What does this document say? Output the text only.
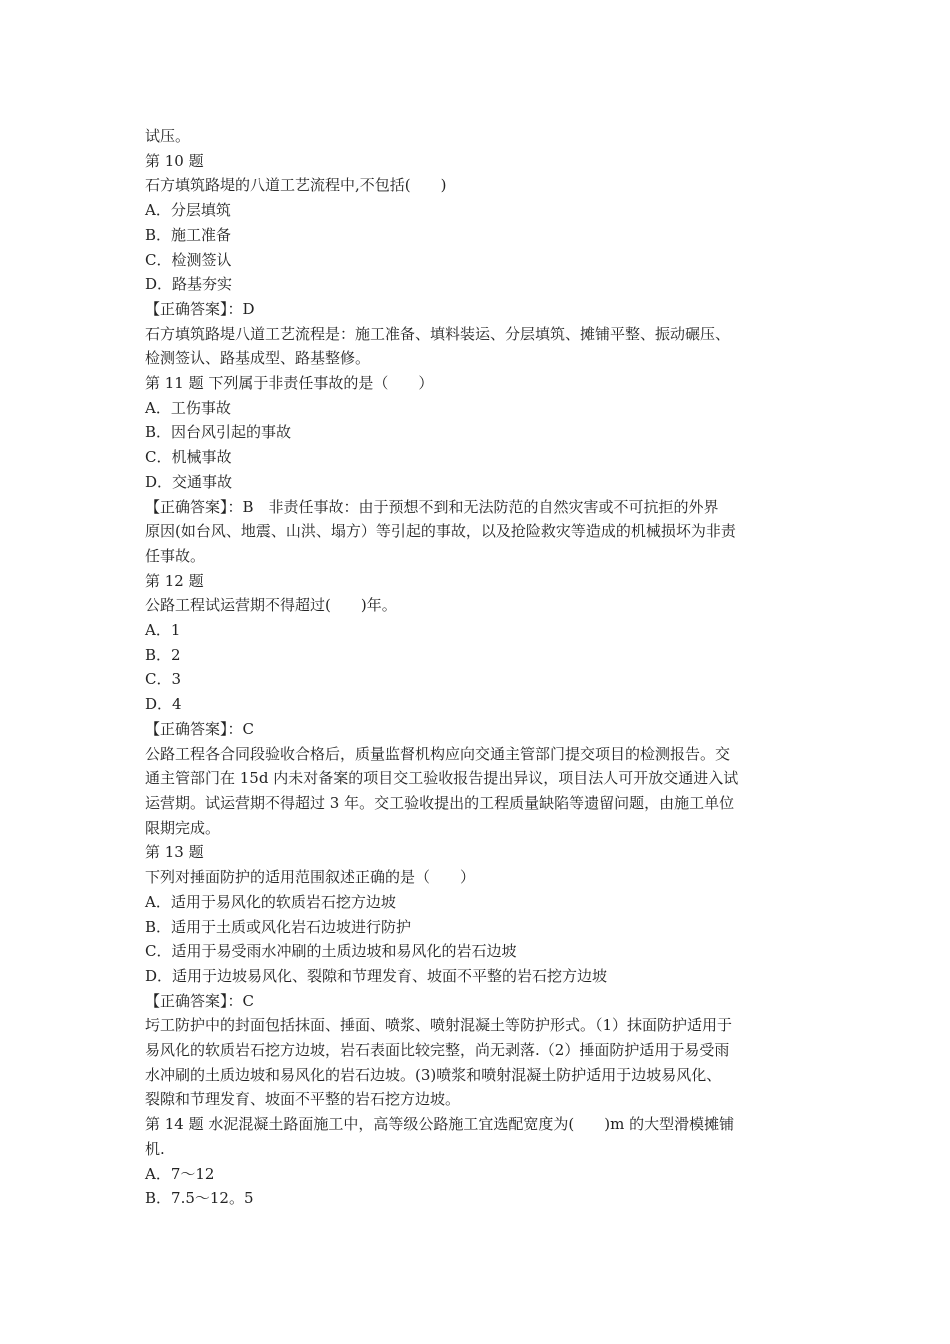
试压。
第 10 题
石方填筑路堤的八道工艺流程中,不包括(　　)
A．分层填筑
B．施工准备
C．检测签认
D．路基夯实
【正确答案】：D
石方填筑路堤八道工艺流程是：施工准备、填料装运、分层填筑、摊铺平整、振动碾压、
检测签认、路基成型、路基整修。
第 11 题 下列属于非责任事故的是（　　）
A．工伤事故
B．因台风引起的事故
C．机械事故
D．交通事故
【正确答案】：B　非责任事故：由于预想不到和无法防范的自然灾害或不可抗拒的外界
原因(如台风、地震、山洪、塌方）等引起的事故，以及抢险救灾等造成的机械损坏为非责
任事故。
第 12 题
公路工程试运营期不得超过(　　)年。
A．1
B．2
C．3
D．4
【正确答案】：C
公路工程各合同段验收合格后，质量监督机构应向交通主管部门提交项目的检测报告。交
通主管部门在 15d 内未对备案的项目交工验收报告提出异议，项目法人可开放交通进入试
运营期。试运营期不得超过 3 年。交工验收提出的工程质量缺陷等遗留问题，由施工单位
限期完成。
第 13 题
下列对捶面防护的适用范围叙述正确的是（　　）
A．适用于易风化的软质岩石挖方边坡
B．适用于土质或风化岩石边坡进行防护
C．适用于易受雨水冲刷的土质边坡和易风化的岩石边坡
D．适用于边坡易风化、裂隙和节理发育、坡面不平整的岩石挖方边坡
【正确答案】：C
圬工防护中的封面包括抹面、捶面、喷浆、喷射混凝土等防护形式。（1）抹面防护适用于
易风化的软质岩石挖方边坡，岩石表面比较完整，尚无剥落.（2）捶面防护适用于易受雨
水冲刷的土质边坡和易风化的岩石边坡。(3)喷浆和喷射混凝土防护适用于边坡易风化、
裂隙和节理发育、坡面不平整的岩石挖方边坡。
第 14 题 水泥混凝土路面施工中，高等级公路施工宜选配宽度为(　　)m 的大型滑模摊铺
机.
A．7～12
B．7.5～12。5
